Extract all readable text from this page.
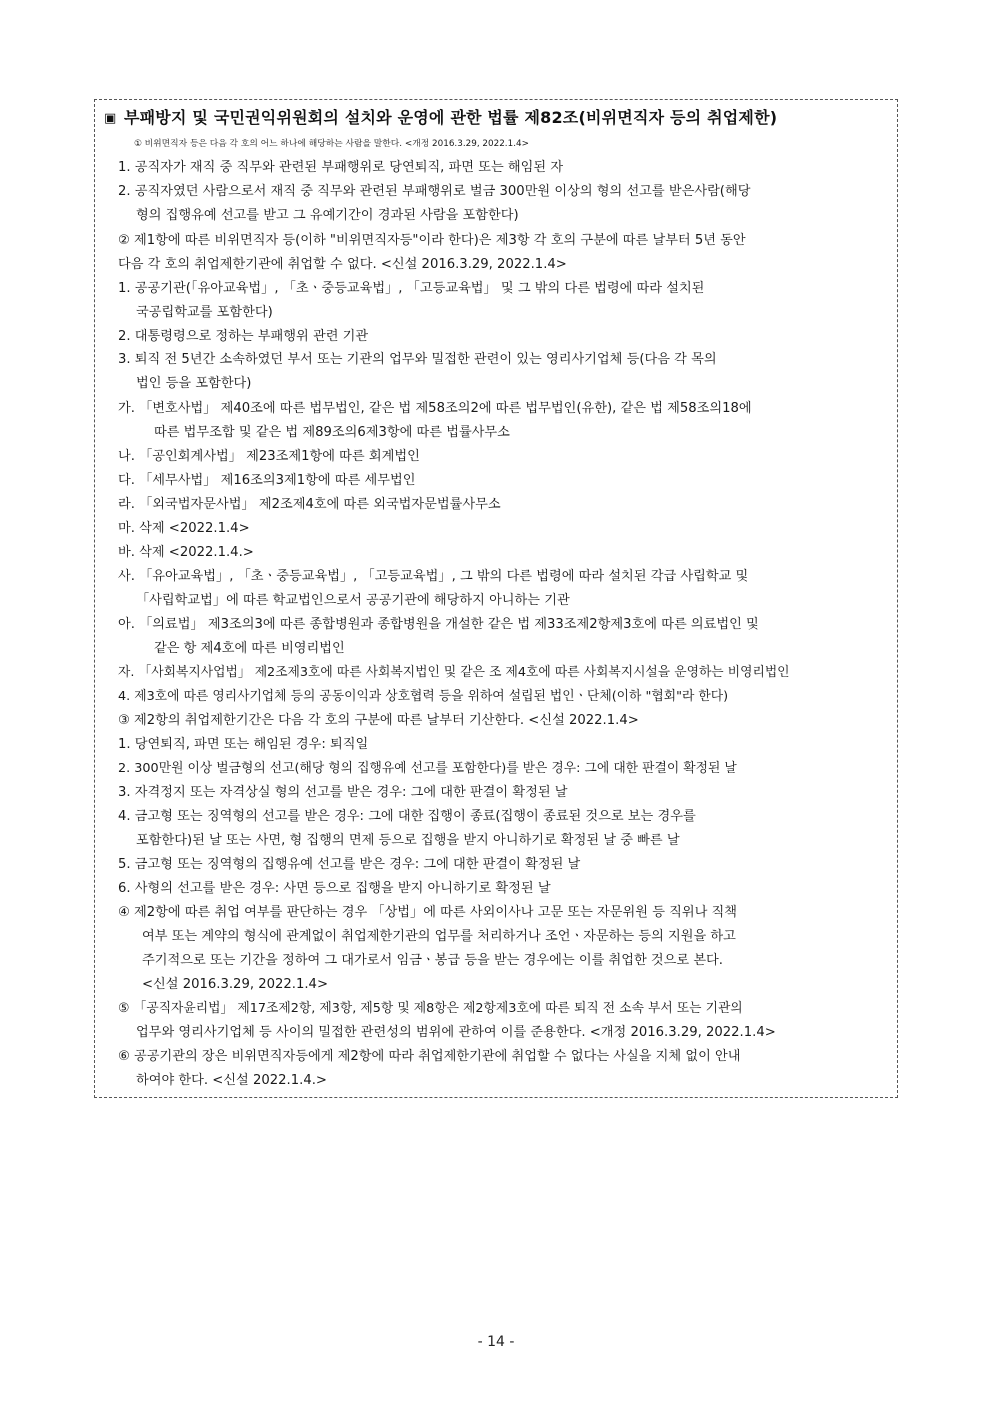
▣ 부패방지 및 국민권익위원회의 설치와 운영에 관한 법률 제82조(비위면직자 등의 취업제한)
① 비위면직자 등은 다음 각 호의 어느 하나에 해당하는 사람을 말한다. <개정 2016.3.29, 2022.1.4>
1. 공직자가 재직 중 직무와 관련된 부패행위로 당연퇴직, 파면 또는 해임된 자
2. 공직자였던 사람으로서 재직 중 직무와 관련된 부패행위로 벌금 300만원 이상의 형의 선고를 받은사람(해당
형의 집행유예 선고를 받고 그 유예기간이 경과된 사람을 포함한다)
② 제1항에 따른 비위면직자 등(이하 "비위면직자등"이라 한다)은 제3항 각 호의 구분에 따른 날부터 5년 동안
다음 각 호의 취업제한기관에 취업할 수 없다. <신설 2016.3.29, 2022.1.4>
1. 공공기관(「유아교육법」, 「초ㆍ중등교육법」, 「고등교육법」 및 그 밖의 다른 법령에 따라 설치된
국공립학교를 포함한다)
2. 대통령령으로 정하는 부패행위 관련 기관
3. 퇴직 전 5년간 소속하였던 부서 또는 기관의 업무와 밀접한 관련이 있는 영리사기업체 등(다음 각 목의
법인 등을 포함한다)
가. 「변호사법」 제40조에 따른 법무법인, 같은 법 제58조의2에 따른 법무법인(유한), 같은 법 제58조의18에
따른 법무조합 및 같은 법 제89조의6제3항에 따른 법률사무소
나. 「공인회계사법」 제23조제1항에 따른 회계법인
다. 「세무사법」 제16조의3제1항에 따른 세무법인
라. 「외국법자문사법」 제2조제4호에 따른 외국법자문법률사무소
마. 삭제 <2022.1.4>
바. 삭제 <2022.1.4.>
사. 「유아교육법」, 「초ㆍ중등교육법」, 「고등교육법」, 그 밖의 다른 법령에 따라 설치된 각급 사립학교 및
「사립학교법」에 따른 학교법인으로서 공공기관에 해당하지 아니하는 기관
아. 「의료법」 제3조의3에 따른 종합병원과 종합병원을 개설한 같은 법 제33조제2항제3호에 따른 의료법인 및
같은 항 제4호에 따른 비영리법인
자. 「사회복지사업법」 제2조제3호에 따른 사회복지법인 및 같은 조 제4호에 따른 사회복지시설을 운영하는 비영리법인
4. 제3호에 따른 영리사기업체 등의 공동이익과 상호협력 등을 위하여 설립된 법인ㆍ단체(이하 "협회"라 한다)
③ 제2항의 취업제한기간은 다음 각 호의 구분에 따른 날부터 기산한다. <신설 2022.1.4>
1. 당연퇴직, 파면 또는 해임된 경우: 퇴직일
2. 300만원 이상 벌금형의 선고(해당 형의 집행유예 선고를 포함한다)를 받은 경우: 그에 대한 판결이 확정된 날
3. 자격정지 또는 자격상실 형의 선고를 받은 경우: 그에 대한 판결이 확정된 날
4. 금고형 또는 징역형의 선고를 받은 경우: 그에 대한 집행이 종료(집행이 종료된 것으로 보는 경우를
포함한다)된 날 또는 사면, 형 집행의 면제 등으로 집행을 받지 아니하기로 확정된 날 중 빠른 날
5. 금고형 또는 징역형의 집행유예 선고를 받은 경우: 그에 대한 판결이 확정된 날
6. 사형의 선고를 받은 경우: 사면 등으로 집행을 받지 아니하기로 확정된 날
④ 제2항에 따른 취업 여부를 판단하는 경우 「상법」에 따른 사외이사나 고문 또는 자문위원 등 직위나 직책
여부 또는 계약의 형식에 관계없이 취업제한기관의 업무를 처리하거나 조언ㆍ자문하는 등의 지원을 하고
주기적으로 또는 기간을 정하여 그 대가로서 임금ㆍ봉급 등을 받는 경우에는 이를 취업한 것으로 본다.
<신설 2016.3.29, 2022.1.4>
⑤ 「공직자윤리법」 제17조제2항, 제3항, 제5항 및 제8항은 제2항제3호에 따른 퇴직 전 소속 부서 또는 기관의
업무와 영리사기업체 등 사이의 밀접한 관련성의 범위에 관하여 이를 준용한다. <개정 2016.3.29, 2022.1.4>
⑥ 공공기관의 장은 비위면직자등에게 제2항에 따라 취업제한기관에 취업할 수 없다는 사실을 지체 없이 안내
하여야 한다. <신설 2022.1.4.>
- 14 -
